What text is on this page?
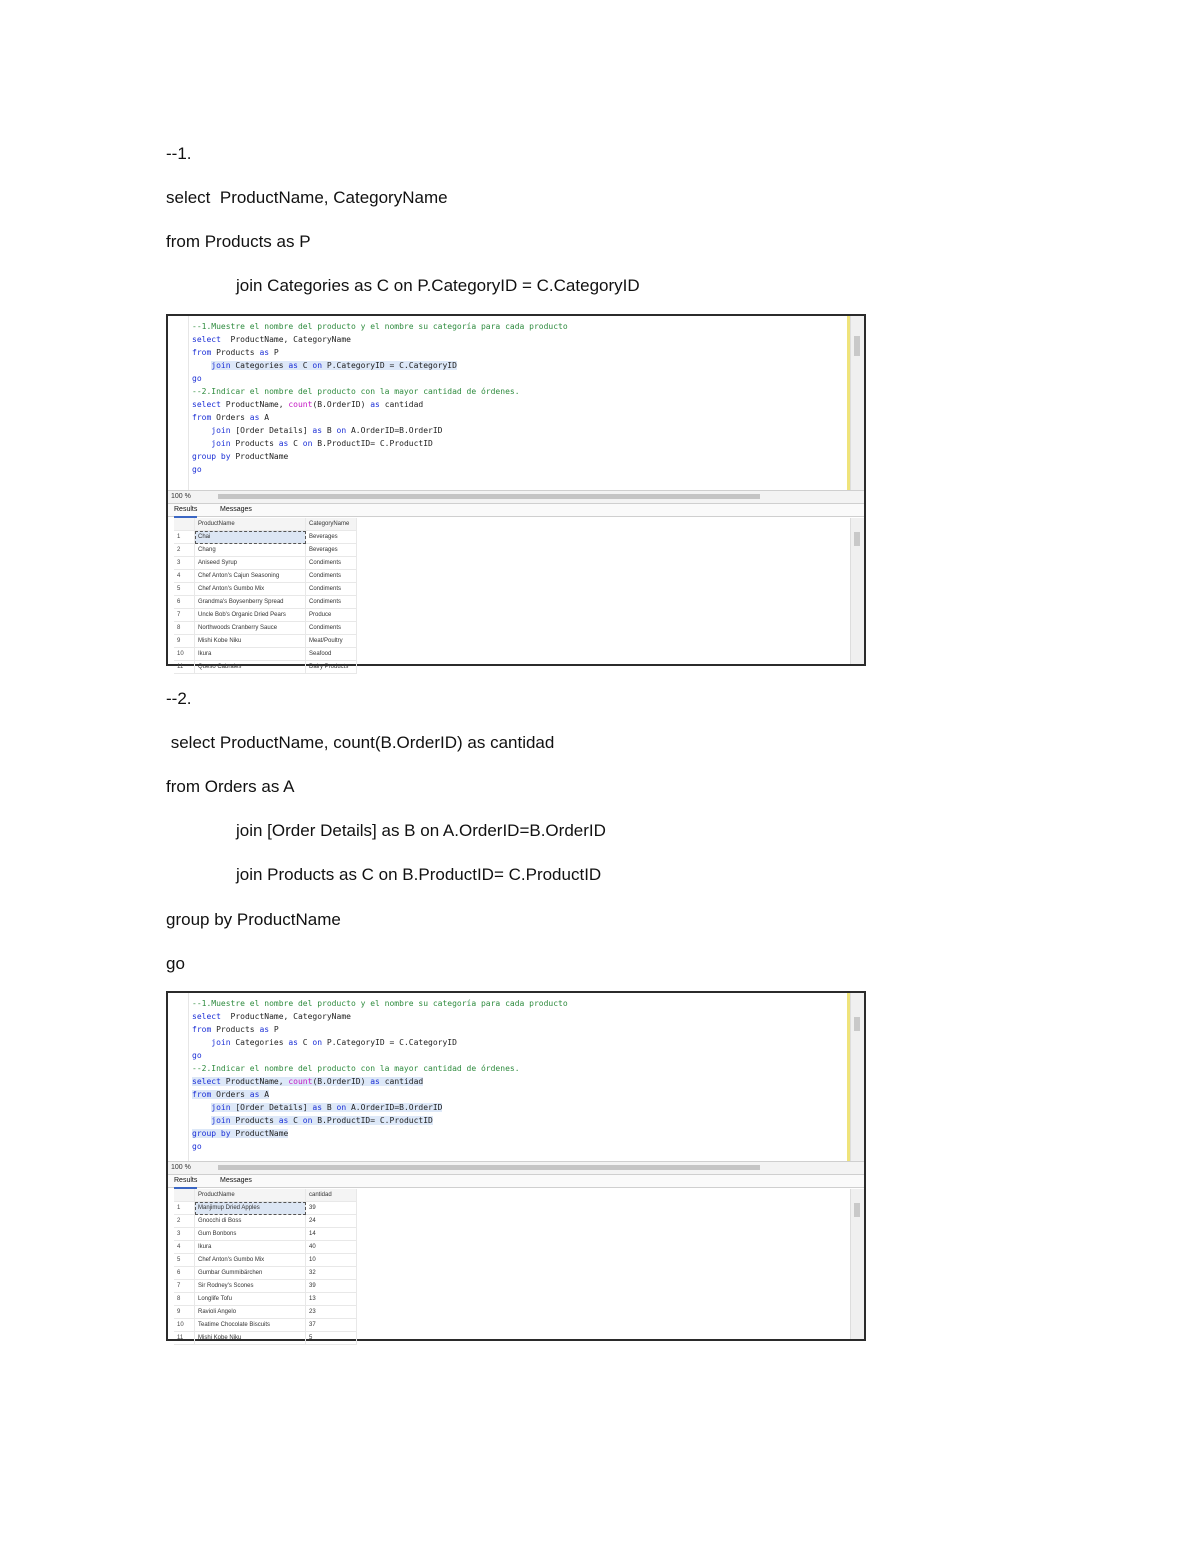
--1.
select  ProductName, CategoryName
from Products as P
join Categories as C on P.CategoryID = C.CategoryID
--1.Muestre el nombre del producto y el nombre su categoría para cada producto
select  ProductName, CategoryName
from Products as P
join Categories as C on P.CategoryID = C.CategoryID
go
--2.Indicar el nombre del producto con la mayor cantidad de órdenes.
select ProductName, count(B.OrderID) as cantidad
from Orders as A
join [Order Details] as B on A.OrderID=B.OrderID
join Products as C on B.ProductID= C.ProductID
group by ProductName
go
100 %
Results	Messages
	ProductName	CategoryName
1	Chai	Beverages
2	Chang	Beverages
3	Aniseed Syrup	Condiments
4	Chef Anton's Cajun Seasoning	Condiments
5	Chef Anton's Gumbo Mix	Condiments
6	Grandma's Boysenberry Spread	Condiments
7	Uncle Bob's Organic Dried Pears	Produce
8	Northwoods Cranberry Sauce	Condiments
9	Mishi Kobe Niku	Meat/Poultry
10	Ikura	Seafood
11	Queso Cabrales	Dairy Products
--2.
select ProductName, count(B.OrderID) as cantidad
from Orders as A
join [Order Details] as B on A.OrderID=B.OrderID
join Products as C on B.ProductID= C.ProductID
group by ProductName
go
--1.Muestre el nombre del producto y el nombre su categoría para cada producto
select  ProductName, CategoryName
from Products as P
join Categories as C on P.CategoryID = C.CategoryID
go
--2.Indicar el nombre del producto con la mayor cantidad de órdenes.
select ProductName, count(B.OrderID) as cantidad
from Orders as A
join [Order Details] as B on A.OrderID=B.OrderID
join Products as C on B.ProductID= C.ProductID
group by ProductName
go
100 %
Results	Messages
	ProductName	cantidad
1	Manjimup Dried Apples	39
2	Gnocchi di Boss	24
3	Gum Bonbons	14
4	Ikura	40
5	Chef Anton's Gumbo Mix	10
6	Gumbar Gummibärchen	32
7	Sir Rodney's Scones	39
8	Longlife Tofu	13
9	Ravioli Angelo	23
10	Teatime Chocolate Biscuits	37
11	Mishi Kobe Niku	5
